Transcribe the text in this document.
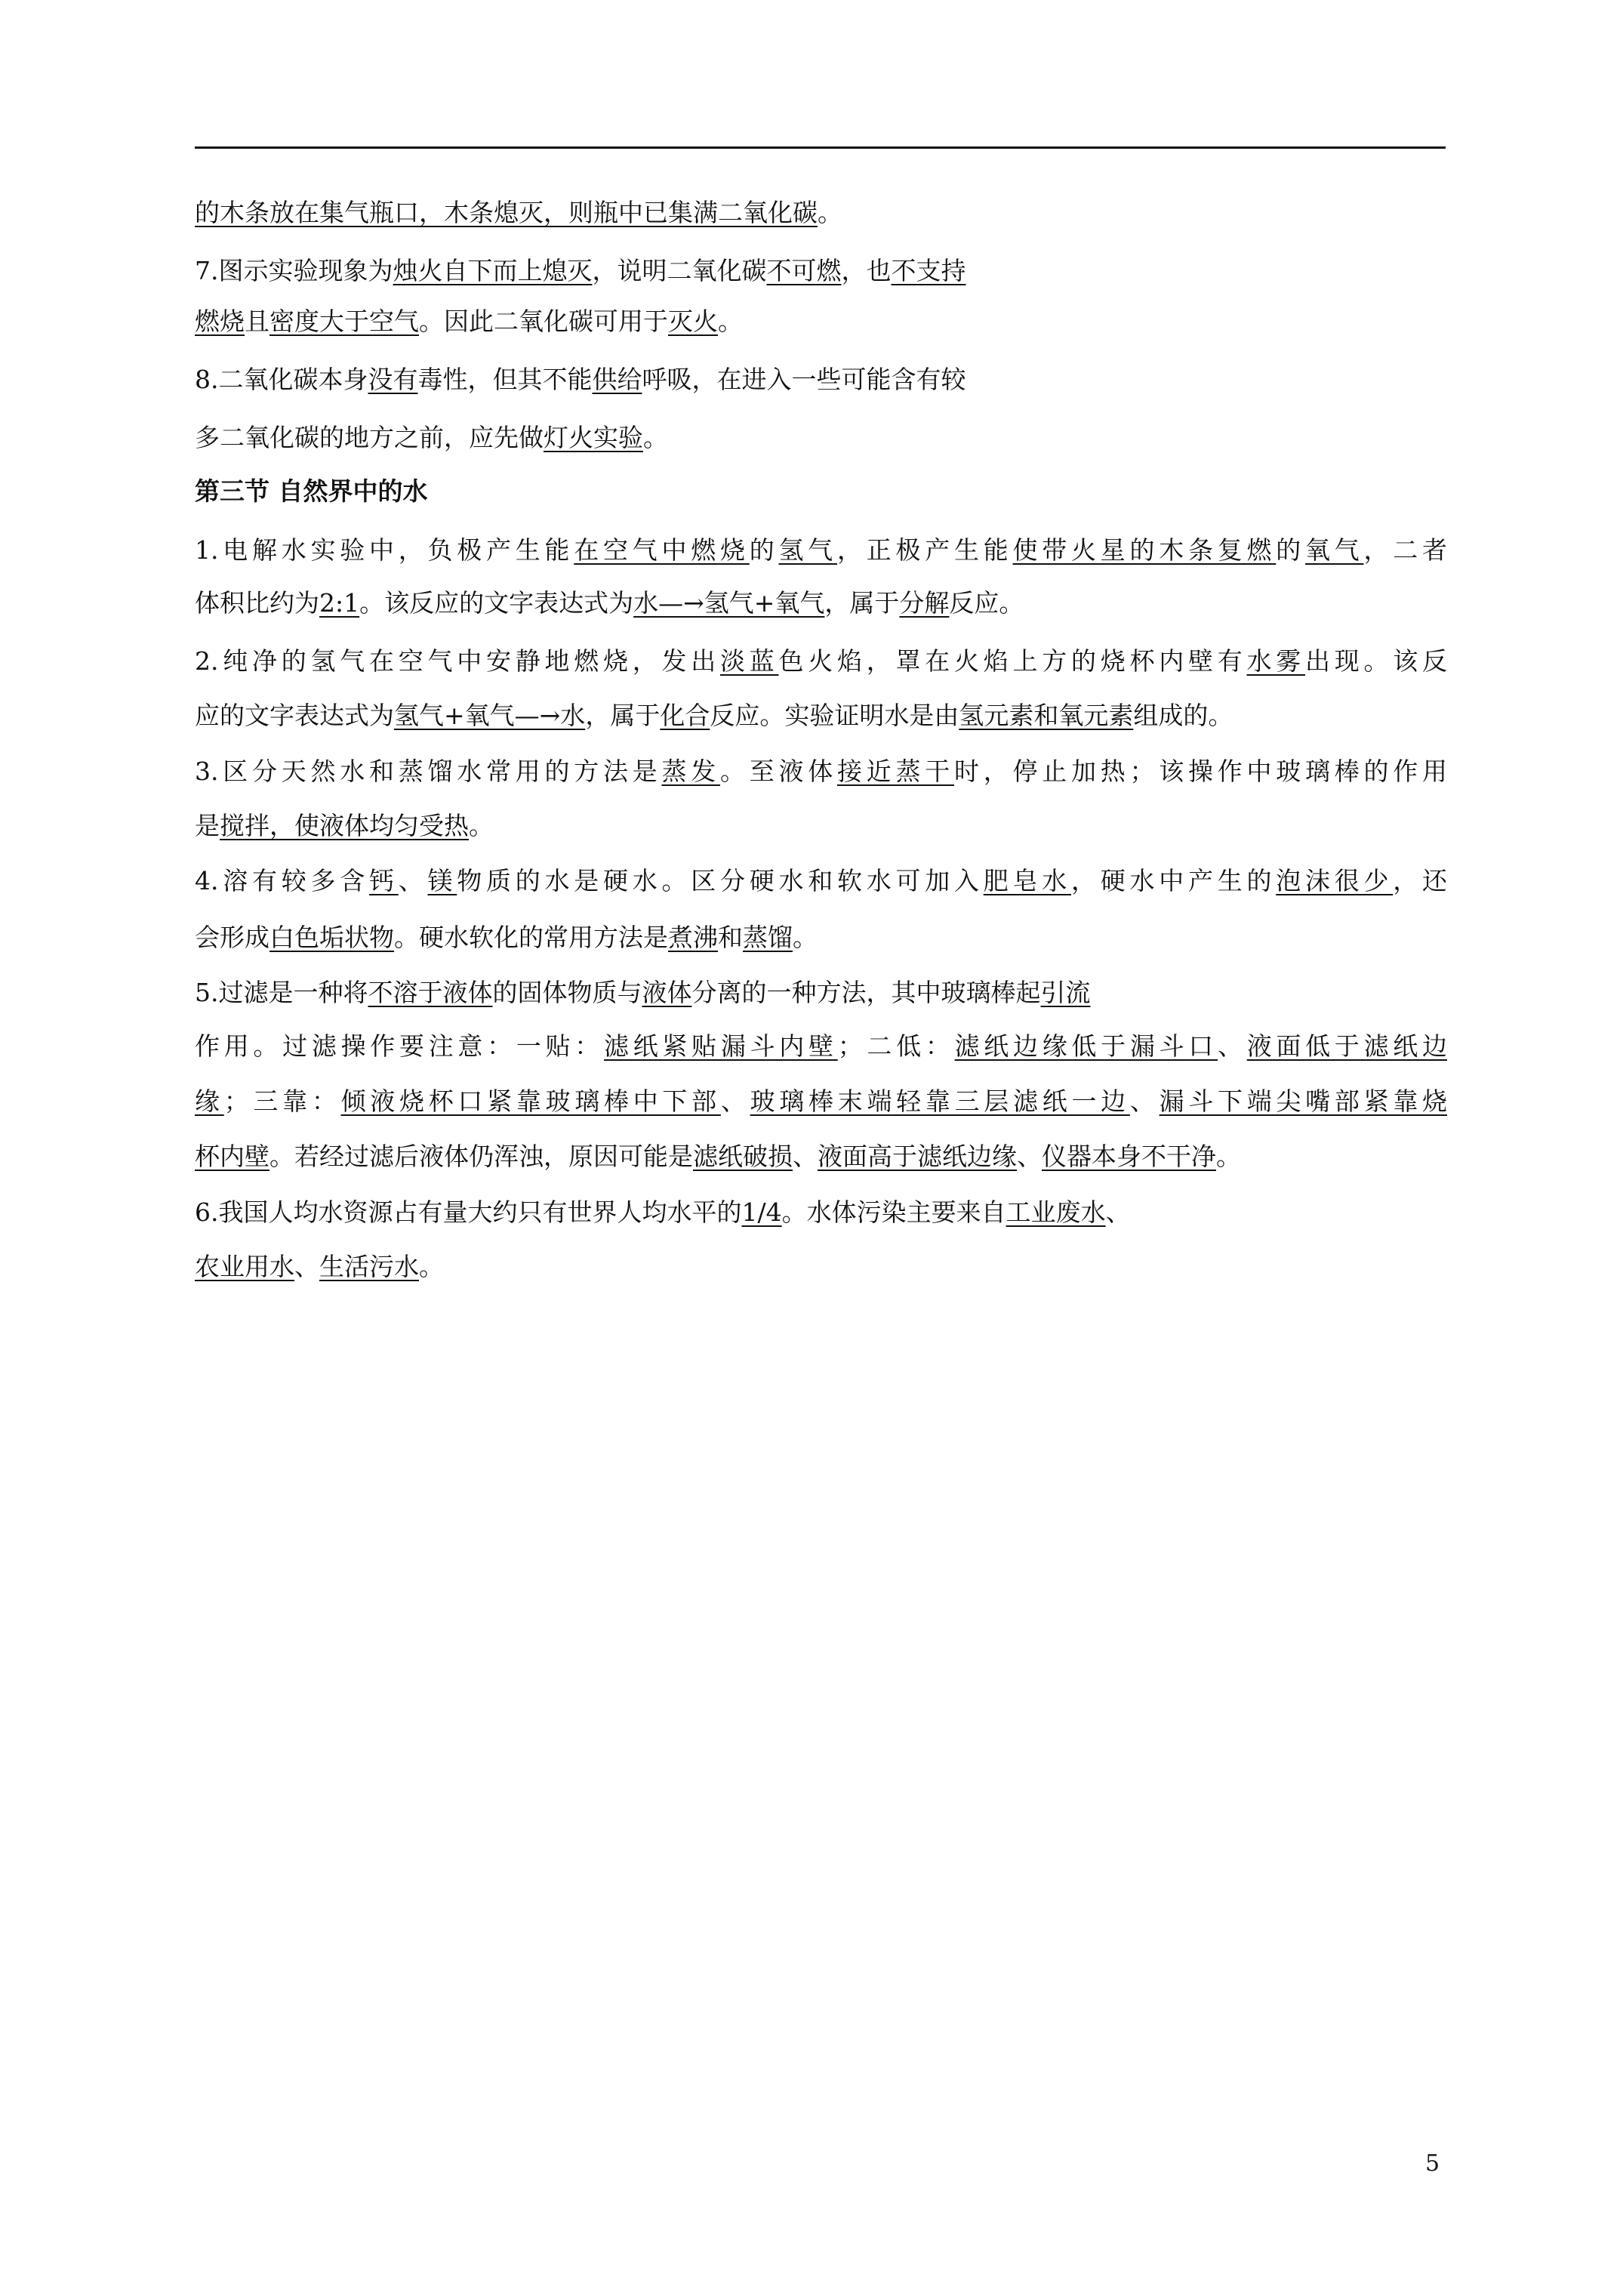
的木条放在集气瓶口，木条熄灭，则瓶中已集满二氧化碳。

7.图示实验现象为烛火自下而上熄灭，说明二氧化碳不可燃，也不支持

燃烧且密度大于空气。因此二氧化碳可用于灭火。

8.二氧化碳本身没有毒性，但其不能供给呼吸，在进入一些可能含有较

多二氧化碳的地方之前，应先做灯火实验。

第三节 自然界中的水

1.电解水实验中，负极产生能在空气中燃烧的氢气，正极产生能使带火星的木条复燃的氧气，二者

体积比约为2:1。该反应的文字表达式为水—→氢气+氧气，属于分解反应。

2.纯净的氢气在空气中安静地燃烧，发出淡蓝色火焰，罩在火焰上方的烧杯内壁有水雾出现。该反

应的文字表达式为氢气+氧气—→水，属于化合反应。实验证明水是由氢元素和氧元素组成的。

3.区分天然水和蒸馏水常用的方法是蒸发。至液体接近蒸干时，停止加热；该操作中玻璃棒的作用

是搅拌，使液体均匀受热。

4.溶有较多含钙、镁物质的水是硬水。区分硬水和软水可加入肥皂水，硬水中产生的泡沫很少，还

会形成白色垢状物。硬水软化的常用方法是煮沸和蒸馏。

5.过滤是一种将不溶于液体的固体物质与液体分离的一种方法，其中玻璃棒起引流

作用。过滤操作要注意：一贴：滤纸紧贴漏斗内壁；二低：滤纸边缘低于漏斗口、液面低于滤纸边

缘；三靠：倾液烧杯口紧靠玻璃棒中下部、玻璃棒末端轻靠三层滤纸一边、漏斗下端尖嘴部紧靠烧

杯内壁。若经过滤后液体仍浑浊，原因可能是滤纸破损、液面高于滤纸边缘、仪器本身不干净。

6.我国人均水资源占有量大约只有世界人均水平的1/4。水体污染主要来自工业废水、

农业用水、生活污水。

5
